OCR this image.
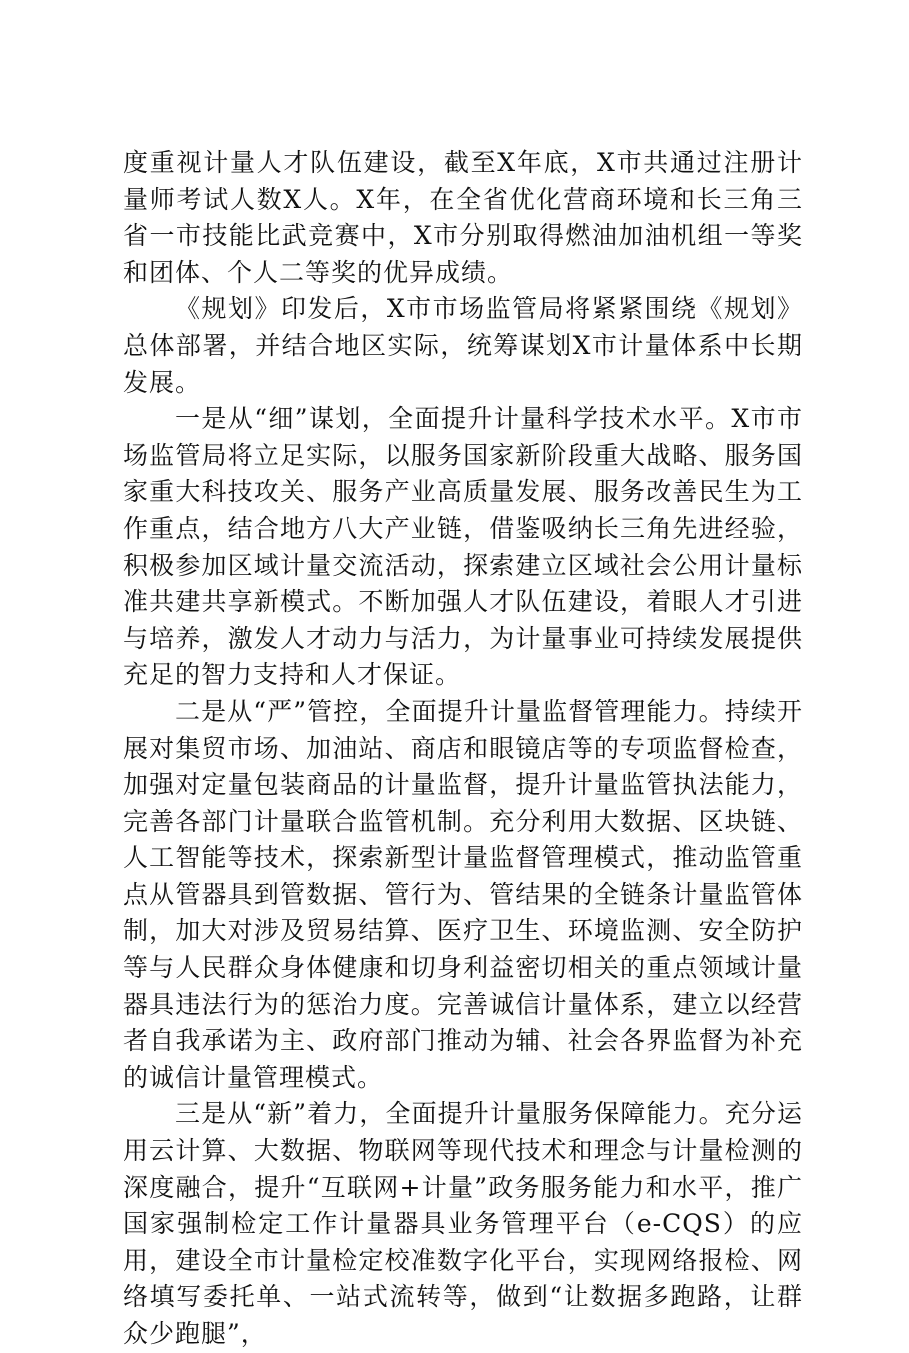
度重视计量人才队伍建设，截至X年底，X市共通过注册计量师考试人数X人。X年，在全省优化营商环境和长三角三省一市技能比武竞赛中，X市分别取得燃油加油机组一等奖和团体、个人二等奖的优异成绩。

《规划》印发后，X市市场监管局将紧紧围绕《规划》总体部署，并结合地区实际，统筹谋划X市计量体系中长期发展。

一是从“细”谋划，全面提升计量科学技术水平。X市市场监管局将立足实际，以服务国家新阶段重大战略、服务国家重大科技攻关、服务产业高质量发展、服务改善民生为工作重点，结合地方八大产业链，借鉴吸纳长三角先进经验，积极参加区域计量交流活动，探索建立区域社会公用计量标准共建共享新模式。不断加强人才队伍建设，着眼人才引进与培养，激发人才动力与活力，为计量事业可持续发展提供充足的智力支持和人才保证。

二是从“严”管控，全面提升计量监督管理能力。持续开展对集贸市场、加油站、商店和眼镜店等的专项监督检查，加强对定量包装商品的计量监督，提升计量监管执法能力，完善各部门计量联合监管机制。充分利用大数据、区块链、人工智能等技术，探索新型计量监督管理模式，推动监管重点从管器具到管数据、管行为、管结果的全链条计量监管体制，加大对涉及贸易结算、医疗卫生、环境监测、安全防护等与人民群众身体健康和切身利益密切相关的重点领域计量器具违法行为的惩治力度。完善诚信计量体系，建立以经营者自我承诺为主、政府部门推动为辅、社会各界监督为补充的诚信计量管理模式。

三是从“新”着力，全面提升计量服务保障能力。充分运用云计算、大数据、物联网等现代技术和理念与计量检测的深度融合，提升“互联网+计量”政务服务能力和水平，推广国家强制检定工作计量器具业务管理平台（e-CQS）的应用，建设全市计量检定校准数字化平台，实现网络报检、网络填写委托单、一站式流转等，做到“让数据多跑路，让群众少跑腿”，
